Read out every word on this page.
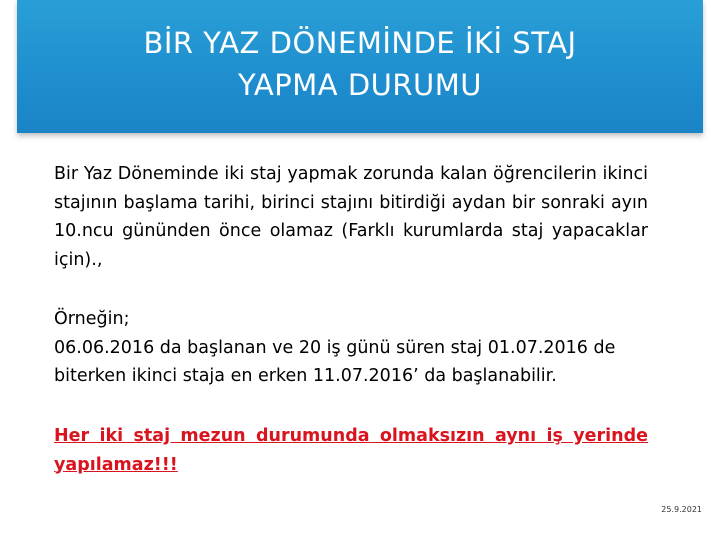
BİR YAZ DÖNEMİNDE İKİ STAJ
YAPMA DURUMU
Bir Yaz Döneminde iki staj yapmak zorunda kalan öğrencilerin ikinci stajının başlama tarihi, birinci stajını bitirdiği aydan bir sonraki ayın 10.ncu gününden önce olamaz (Farklı kurumlarda staj yapacaklar için).,
Örneğin;
06.06.2016 da başlanan ve 20 iş günü süren staj 01.07.2016 de biterken ikinci staja en erken 11.07.2016’ da başlanabilir.
Her iki staj mezun durumunda olmaksızın aynı iş yerinde yapılamaz!!!
25.9.2021
